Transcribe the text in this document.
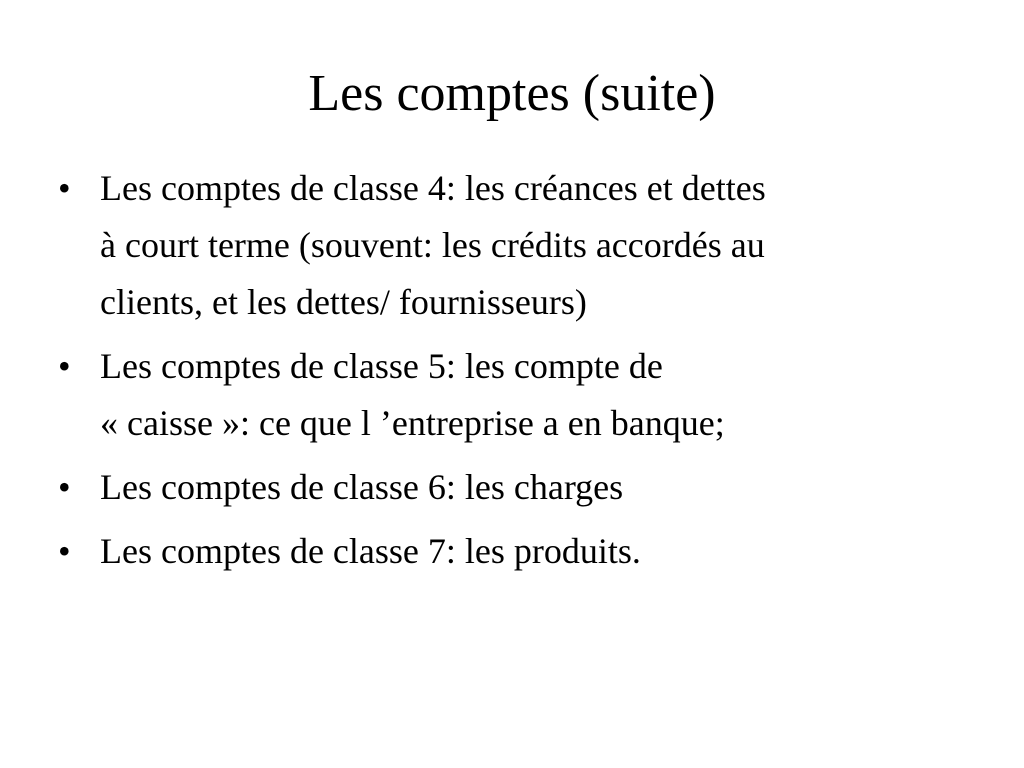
Les comptes (suite)
• Les comptes de classe 4: les créances et dettes
à court terme (souvent: les crédits accordés au
clients, et les dettes/ fournisseurs)
• Les comptes de classe 5: les compte de
« caisse »: ce que l ’entreprise a en banque;
• Les comptes de classe 6: les charges
• Les comptes de classe 7: les produits.
